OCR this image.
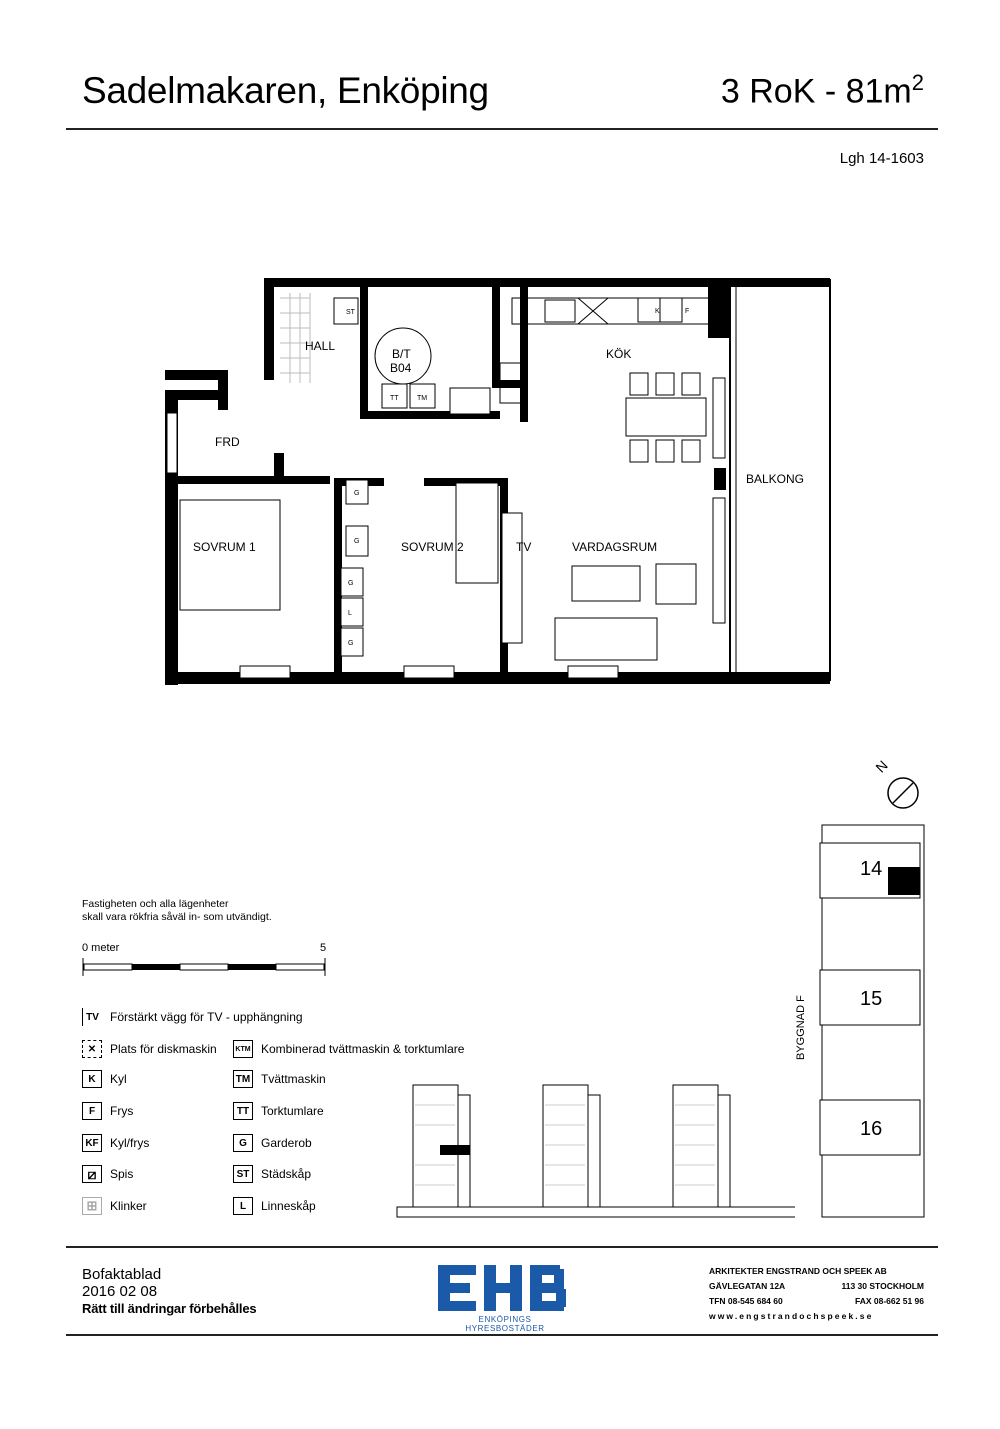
Sadelmakaren, Enköping	3 RoK - $81m^2$
Lgh 14-1603
ST
TT	TM
K	F
G
G
G
L
G
HALL
B/T
B04
KÖK
FRD
BALKONG
SOVRUM 1	SOVRUM 2	TV	VARDAGSRUM
Fastigheten och alla lägenheter
skall vara rökfria såväl in- som utvändigt.
0 meter	5
TV Förstärkt vägg för TV - upphängning
✕	Plats för diskmaskin	KTM Kombinerad tvättmaskin & torktumlare
K	Kyl	TM Tvättmaskin
F	Frys	TT Torktumlare
KF Kyl/frys	G	Garderob
⧄	Spis	ST Städskåp
⊞	Klinker	L	Linneskåp
N
14
15
16
BYGGNAD F
Bofaktablad
2016 02 08
Rätt till ändringar förbehålles
ENKÖPINGS HYRESBOSTÄDER
ARKITEKTER ENGSTRAND OCH SPEEK AB
GÄVLEGATAN 12A	113 30 STOCKHOLM
TFN 08-545 684 60	FAX 08-662 51 96
www.engstrandochspeek.se
